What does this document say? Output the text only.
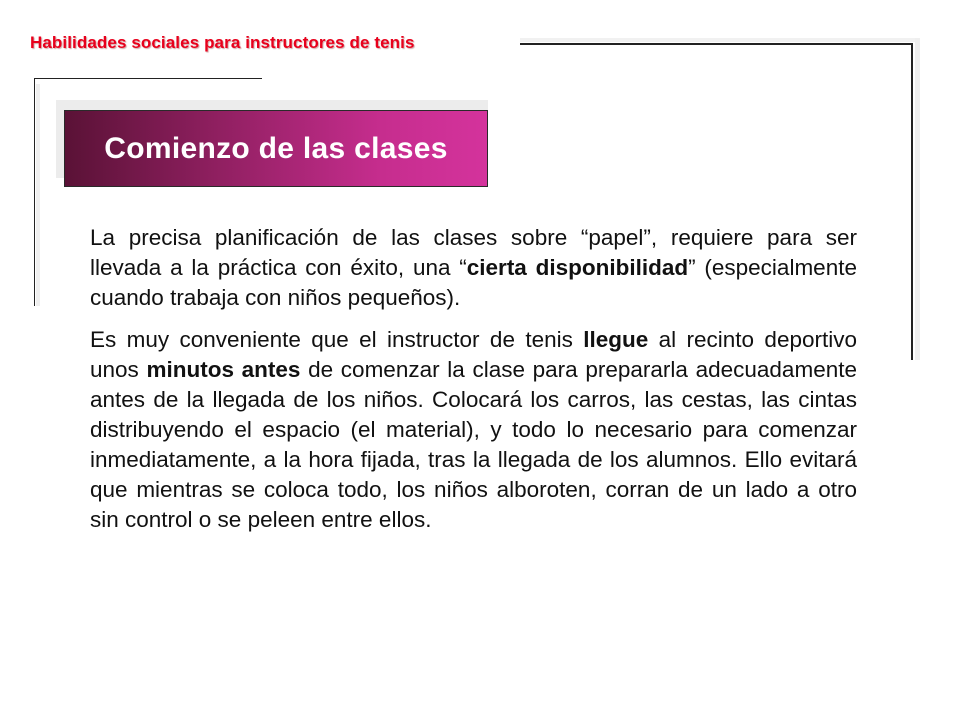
Habilidades sociales para instructores de tenis
Comienzo de las clases

La precisa planificación de las clases sobre “papel”, requiere para ser llevada a la práctica con éxito, una “cierta disponibilidad” (especialmente cuando trabaja con niños pequeños).

Es muy conveniente que el instructor de tenis llegue al recinto deportivo unos minutos antes de comenzar la clase para prepararla adecuadamente antes de la llegada de los niños. Colocará los carros, las cestas, las cintas distribuyendo el espacio (el material), y todo lo necesario para comenzar inmediatamente, a la hora fijada, tras la llegada de los alumnos. Ello evitará que mientras se coloca todo, los niños alboroten, corran de un lado a otro sin control o se peleen entre ellos.
